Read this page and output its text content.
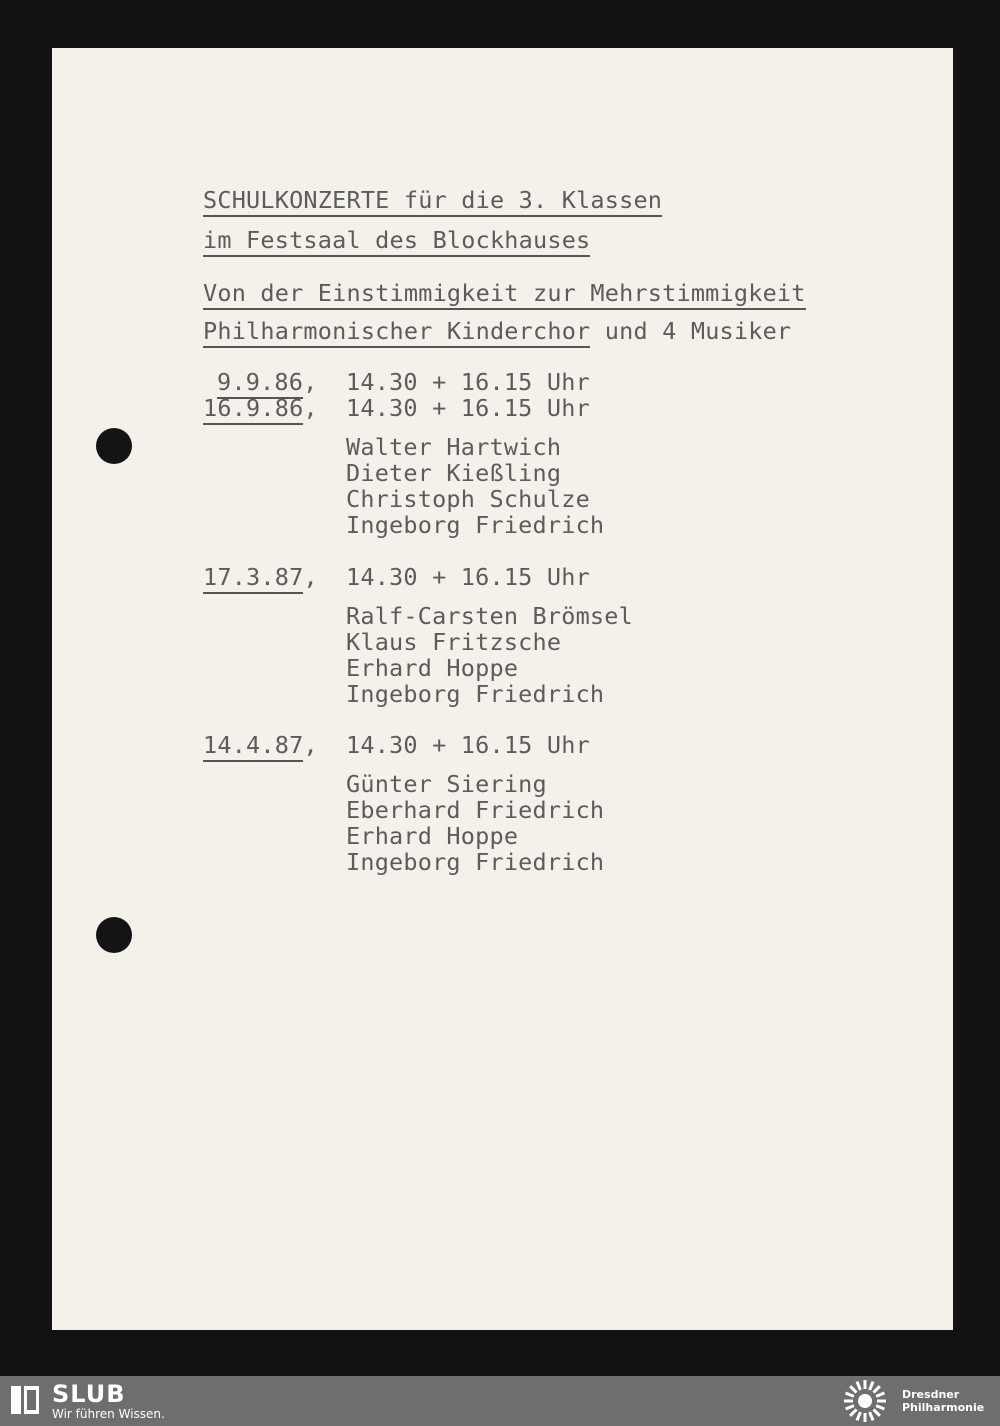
SCHULKONZERTE für die 3. Klassen

im Festsaal des Blockhauses

Von der Einstimmigkeit zur Mehrstimmigkeit

Philharmonischer Kinderchor und 4 Musiker

9.9.86, 14.30 + 16.15 Uhr

16.9.86, 14.30 + 16.15 Uhr

Walter Hartwich

Dieter Kießling

Christoph Schulze

Ingeborg Friedrich

17.3.87, 14.30 + 16.15 Uhr

Ralf-Carsten Brömsel

Klaus Fritzsche

Erhard Hoppe

Ingeborg Friedrich

14.4.87, 14.30 + 16.15 Uhr

Günter Siering

Eberhard Friedrich

Erhard Hoppe

Ingeborg Friedrich

SLUB
Wir führen Wissen.
Dresdner
Philharmonie
